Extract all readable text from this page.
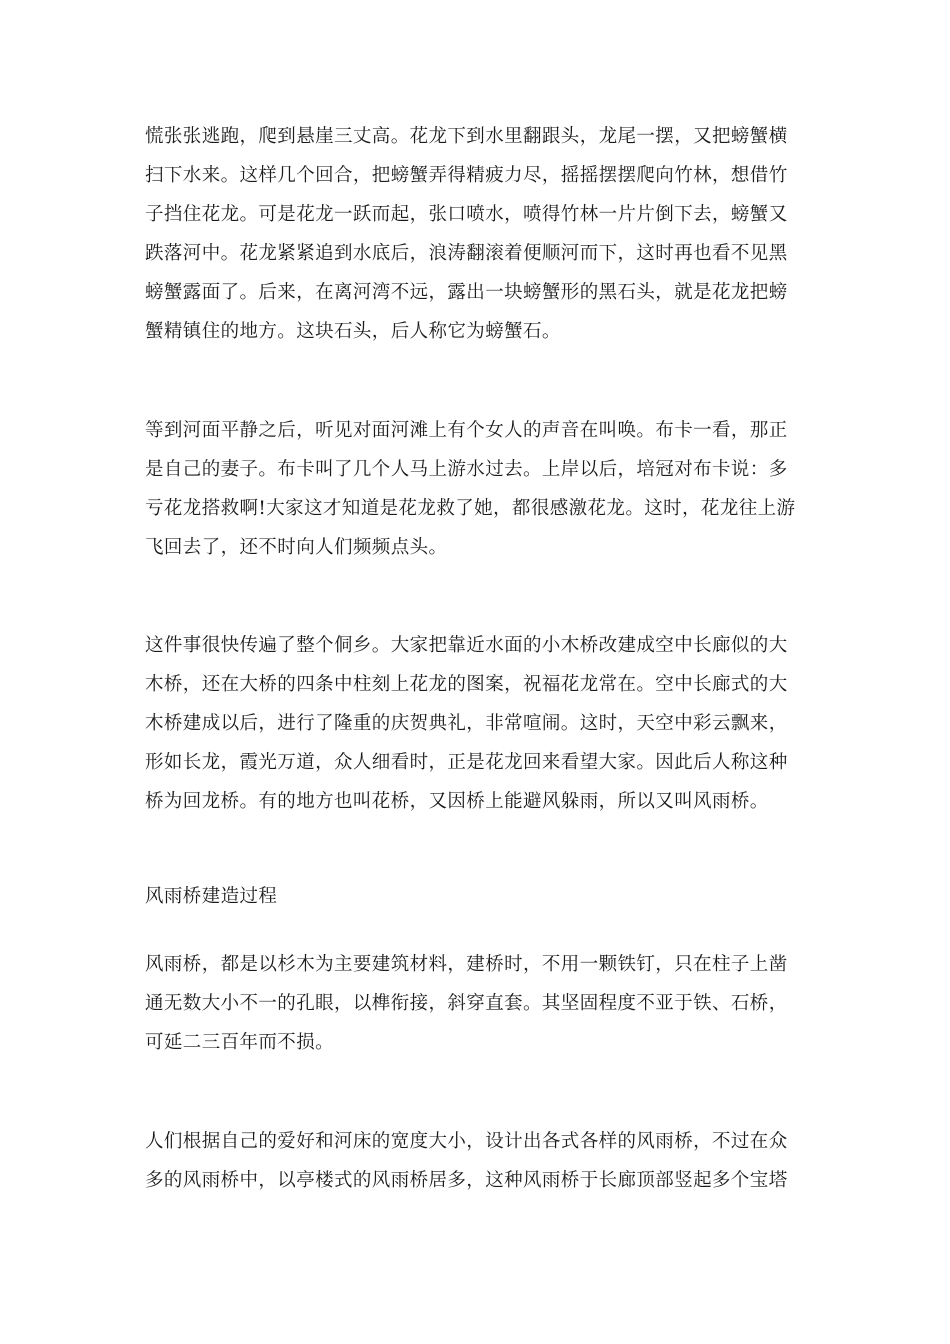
慌张张逃跑，爬到悬崖三丈高。花龙下到水里翻跟头，龙尾一摆，又把螃蟹横
扫下水来。这样几个回合，把螃蟹弄得精疲力尽，摇摇摆摆爬向竹林，想借竹
子挡住花龙。可是花龙一跃而起，张口喷水，喷得竹林一片片倒下去，螃蟹又
跌落河中。花龙紧紧追到水底后，浪涛翻滚着便顺河而下，这时再也看不见黑
螃蟹露面了。后来，在离河湾不远，露出一块螃蟹形的黑石头，就是花龙把螃
蟹精镇住的地方。这块石头，后人称它为螃蟹石。
等到河面平静之后，听见对面河滩上有个女人的声音在叫唤。布卡一看，那正
是自己的妻子。布卡叫了几个人马上游水过去。上岸以后，培冠对布卡说：多
亏花龙搭救啊!大家这才知道是花龙救了她，都很感激花龙。这时，花龙往上游
飞回去了，还不时向人们频频点头。
这件事很快传遍了整个侗乡。大家把靠近水面的小木桥改建成空中长廊似的大
木桥，还在大桥的四条中柱刻上花龙的图案，祝福花龙常在。空中长廊式的大
木桥建成以后，进行了隆重的庆贺典礼，非常喧闹。这时，天空中彩云飘来，
形如长龙，霞光万道，众人细看时，正是花龙回来看望大家。因此后人称这种
桥为回龙桥。有的地方也叫花桥，又因桥上能避风躲雨，所以又叫风雨桥。
风雨桥建造过程
风雨桥，都是以杉木为主要建筑材料，建桥时，不用一颗铁钉，只在柱子上凿
通无数大小不一的孔眼，以榫衔接，斜穿直套。其坚固程度不亚于铁、石桥，
可延二三百年而不损。
人们根据自己的爱好和河床的宽度大小，设计出各式各样的风雨桥，不过在众
多的风雨桥中，以亭楼式的风雨桥居多，这种风雨桥于长廊顶部竖起多个宝塔
